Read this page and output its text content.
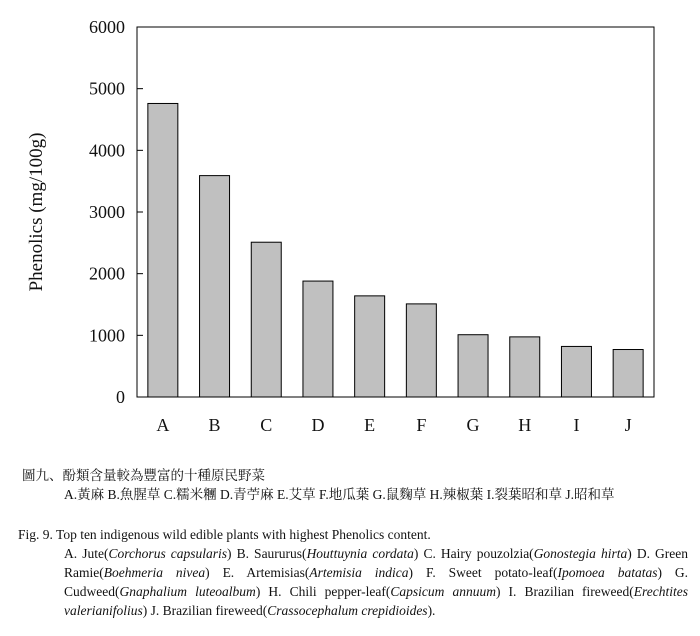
0
1000
2000
3000
4000
5000
6000
A B C D E F G H I	J
Phenolics (mg/100g)
圖九、酚類含量較為豐富的十種原民野菜
A.黃麻 B.魚腥草 C.糯米糰 D.青苧麻 E.艾草 F.地瓜葉 G.鼠麴草 H.辣椒葉 I.裂葉昭和草 J.昭和草
Fig. 9. Top ten indigenous wild edible plants with highest Phenolics content.
A. Jute(Corchorus capsularis) B. Saururus(Houttuynia cordata) C. Hairy pouzolzia(Gonostegia hirta) D. Green Ramie(Boehmeria nivea) E. Artemisias(Artemisia indica) F. Sweet potato-leaf(Ipomoea batatas) G. Cudweed(Gnaphalium luteoalbum) H. Chili pepper-leaf(Capsicum annuum) I. Brazilian fireweed(Erechtites valerianifolius) J. Brazilian fireweed(Crassocephalum crepidioides).
